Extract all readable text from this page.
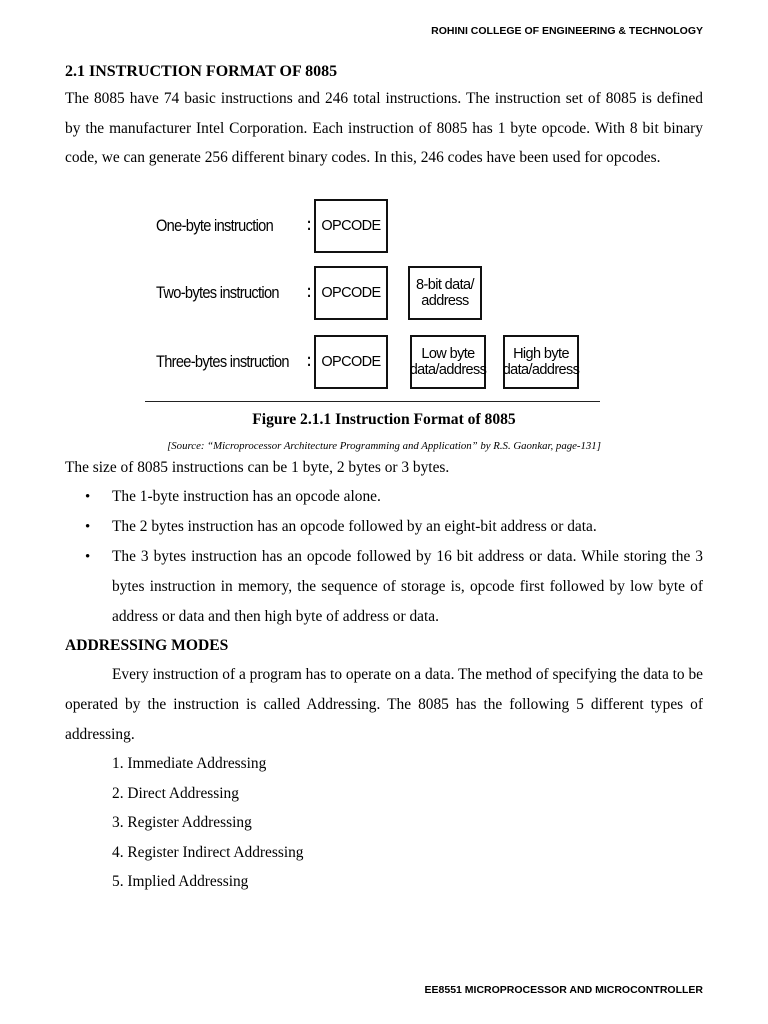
ROHINI COLLEGE OF ENGINEERING & TECHNOLOGY
2.1 INSTRUCTION FORMAT OF 8085

The 8085 have 74 basic instructions and 246 total instructions. The instruction set of 8085 is defined by the manufacturer Intel Corporation. Each instruction of 8085 has 1 byte opcode. With 8 bit binary code, we can generate 256 different binary codes. In this, 246 codes have been used for opcodes.

One-byte instruction : OPCODE
Two-bytes instruction : OPCODE	8-bit data/ address
Three-bytes instruction : OPCODE	Low byte data/address
High byte data/address
Figure 2.1.1 Instruction Format of 8085
[Source: “Microprocessor Architecture Programming and Application” by R.S. Gaonkar, page-131]

The size of 8085 instructions can be 1 byte, 2 bytes or 3 bytes.

• The 1-byte instruction has an opcode alone.
• The 2 bytes instruction has an opcode followed by an eight-bit address or data.
• The 3 bytes instruction has an opcode followed by 16 bit address or data. While storing the 3 bytes instruction in memory, the sequence of storage is, opcode first followed by low byte of address or data and then high byte of address or data.
ADDRESSING MODES

Every instruction of a program has to operate on a data. The method of specifying the data to be operated by the instruction is called Addressing. The 8085 has the following 5 different types of addressing.

1. Immediate Addressing
2. Direct Addressing
3. Register Addressing
4. Register Indirect Addressing
5. Implied Addressing
EE8551 MICROPROCESSOR AND MICROCONTROLLER
